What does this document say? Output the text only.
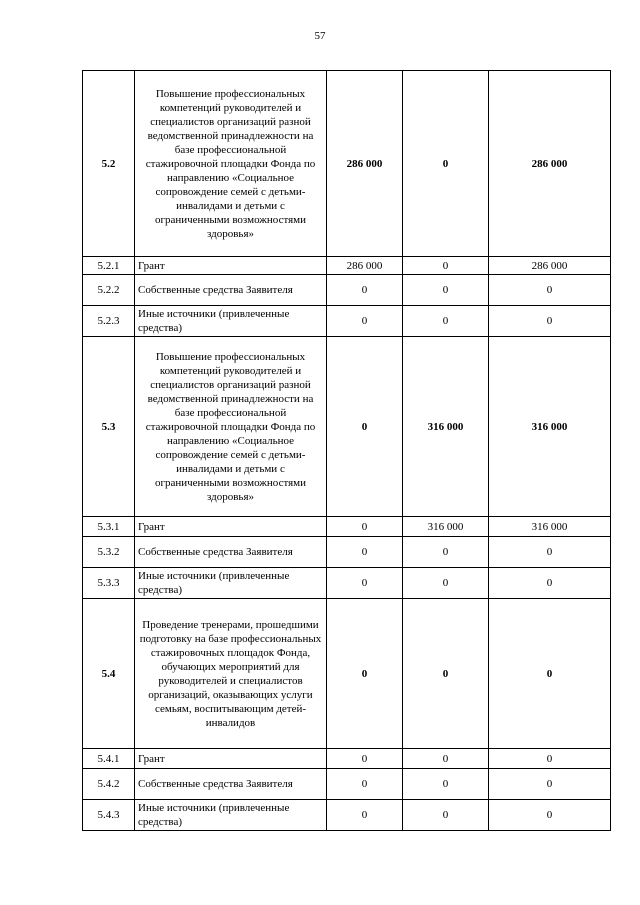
57
5.2	Повышение профессиональных компетенций руководителей и специалистов организаций разной ведомственной принадлежности на базе профессиональной стажировочной площадки Фонда по направлению «Социальное сопровождение семей с детьми-инвалидами и детьми с ограниченными возможностями здоровья»	286 000	0	286 000
5.2.1	Грант	286 000	0	286 000
5.2.2	Собственные средства Заявителя	0	0	0
5.2.3	Иные источники (привлеченные средства)	0	0	0
5.3	Повышение профессиональных компетенций руководителей и специалистов организаций разной ведомственной принадлежности на базе профессиональной стажировочной площадки Фонда по направлению «Социальное сопровождение семей с детьми-инвалидами и детьми с ограниченными возможностями здоровья»	0	316 000	316 000
5.3.1	Грант	0	316 000	316 000
5.3.2	Собственные средства Заявителя	0	0	0
5.3.3	Иные источники (привлеченные средства)	0	0	0
5.4	Проведение тренерами, прошедшими подготовку на базе профессиональных стажировочных площадок Фонда, обучающих мероприятий для руководителей и специалистов организаций, оказывающих услуги семьям, воспитывающим детей-инвалидов	0	0	0
5.4.1	Грант	0	0	0
5.4.2	Собственные средства Заявителя	0	0	0
5.4.3	Иные источники (привлеченные средства)	0	0	0
